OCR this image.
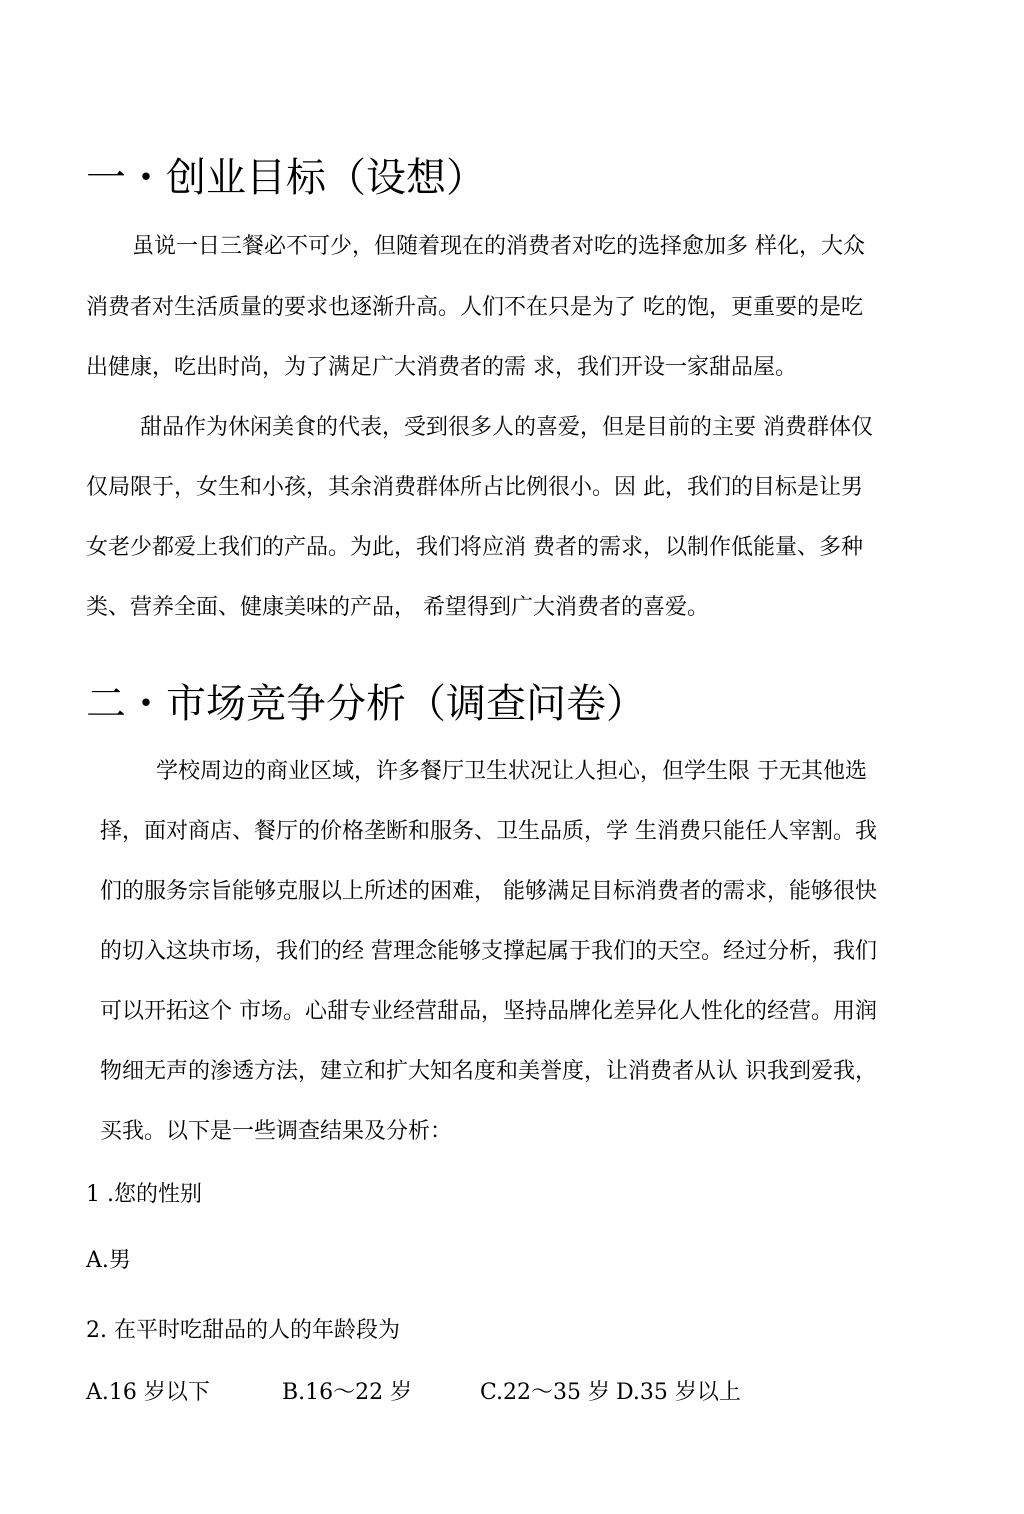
一・创业目标（设想）

虽说一日三餐必不可少，但随着现在的消费者对吃的选择愈加多 样化，大众

消费者对生活质量的要求也逐渐升高。人们不在只是为了 吃的饱，更重要的是吃

出健康，吃出时尚，为了满足广大消费者的需 求，我们开设一家甜品屋。

甜品作为休闲美食的代表，受到很多人的喜爱，但是目前的主要 消费群体仅

仅局限于，女生和小孩，其余消费群体所占比例很小。因 此，我们的目标是让男

女老少都爱上我们的产品。为此，我们将应消 费者的需求，以制作低能量、多种

类、营养全面、健康美味的产品， 希望得到广大消费者的喜爱。

二・市场竞争分析（调查问卷）

学校周边的商业区域，许多餐厅卫生状况让人担心，但学生限 于无其他选

择，面对商店、餐厅的价格垄断和服务、卫生品质，学 生消费只能任人宰割。我

们的服务宗旨能够克服以上所述的困难， 能够满足目标消费者的需求，能够很快

的切入这块市场，我们的经 营理念能够支撑起属于我们的天空。经过分析，我们

可以开拓这个 市场。心甜专业经营甜品，坚持品牌化差异化人性化的经营。用润

物细无声的渗透方法，建立和扩大知名度和美誉度，让消费者从认 识我到爱我，

买我。以下是一些调查结果及分析：

1 .您的性别

A.男

2. 在平时吃甜品的人的年龄段为

A.16 岁以下	B.16～22 岁	C.22～35 岁 D.35 岁以上
